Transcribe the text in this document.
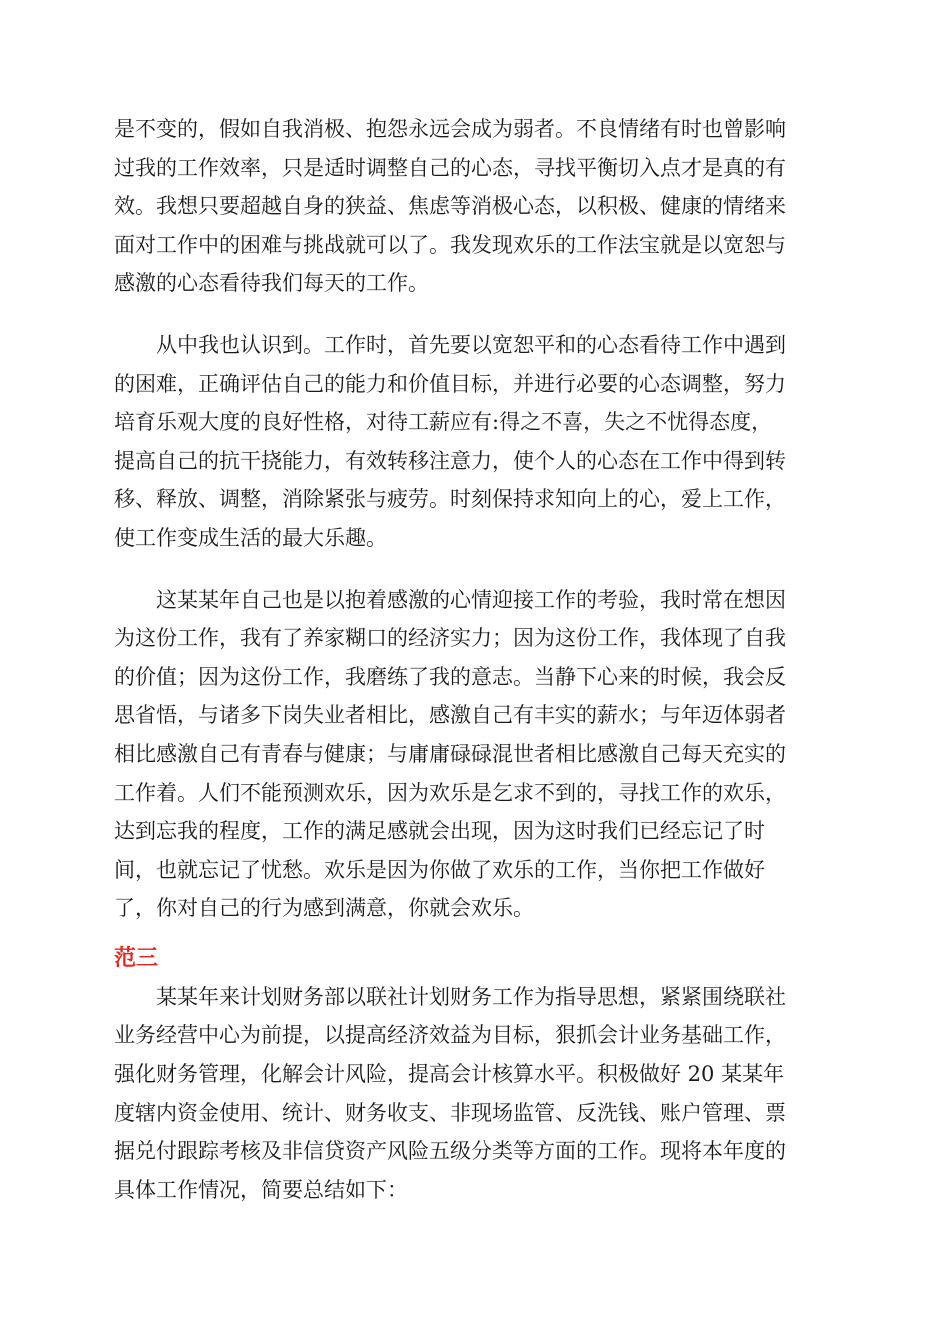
是不变的，假如自我消极、抱怨永远会成为弱者。不良情绪有时也曾影响
过我的工作效率，只是适时调整自己的心态，寻找平衡切入点才是真的有
效。我想只要超越自身的狭益、焦虑等消极心态，以积极、健康的情绪来
面对工作中的困难与挑战就可以了。我发现欢乐的工作法宝就是以宽恕与
感激的心态看待我们每天的工作。

从中我也认识到。工作时，首先要以宽恕平和的心态看待工作中遇到
的困难，正确评估自己的能力和价值目标，并进行必要的心态调整，努力
培育乐观大度的良好性格，对待工薪应有:得之不喜，失之不忧得态度，
提高自己的抗干挠能力，有效转移注意力，使个人的心态在工作中得到转
移、释放、调整，消除紧张与疲劳。时刻保持求知向上的心，爱上工作，
使工作变成生活的最大乐趣。

这某某年自己也是以抱着感激的心情迎接工作的考验，我时常在想因
为这份工作，我有了养家糊口的经济实力；因为这份工作，我体现了自我
的价值；因为这份工作，我磨练了我的意志。当静下心来的时候，我会反
思省悟，与诸多下岗失业者相比，感激自己有丰实的薪水；与年迈体弱者
相比感激自己有青春与健康；与庸庸碌碌混世者相比感激自己每天充实的
工作着。人们不能预测欢乐，因为欢乐是乞求不到的，寻找工作的欢乐，
达到忘我的程度，工作的满足感就会出现，因为这时我们已经忘记了时
间，也就忘记了忧愁。欢乐是因为你做了欢乐的工作，当你把工作做好
了，你对自己的行为感到满意，你就会欢乐。

范三

某某年来计划财务部以联社计划财务工作为指导思想，紧紧围绕联社
业务经营中心为前提，以提高经济效益为目标，狠抓会计业务基础工作，
强化财务管理，化解会计风险，提高会计核算水平。积极做好 20 某某年
度辖内资金使用、统计、财务收支、非现场监管、反洗钱、账户管理、票
据兑付跟踪考核及非信贷资产风险五级分类等方面的工作。现将本年度的
具体工作情况，简要总结如下：
